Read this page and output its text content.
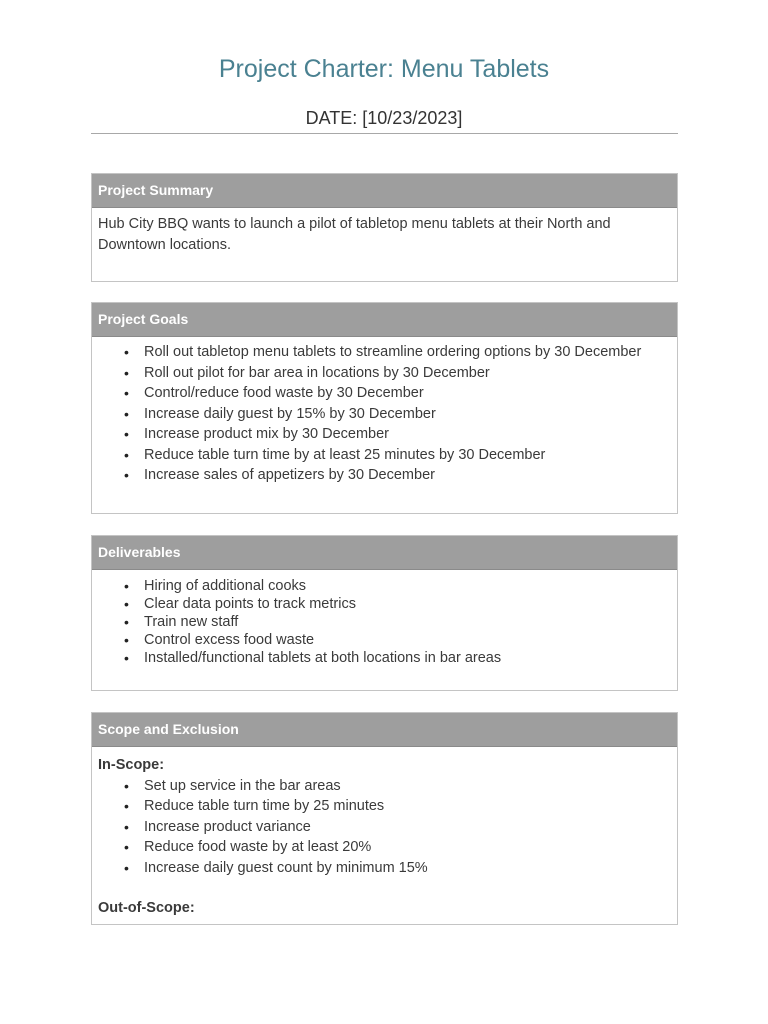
Project Charter: Menu Tablets
DATE: [10/23/2023]
Project Summary

Hub City BBQ wants to launch a pilot of tabletop menu tablets at their North and Downtown locations.

Project Goals
• Roll out tabletop menu tablets to streamline ordering options by 30 December
• Roll out pilot for bar area in locations by 30 December
• Control/reduce food waste by 30 December
• Increase daily guest by 15% by 30 December
• Increase product mix by 30 December
• Reduce table turn time by at least 25 minutes by 30 December
• Increase sales of appetizers by 30 December
Deliverables
• Hiring of additional cooks
• Clear data points to track metrics
• Train new staff
• Control excess food waste
• Installed/functional tablets at both locations in bar areas
Scope and Exclusion

In-Scope:

• Set up service in the bar areas
• Reduce table turn time by 25 minutes
• Increase product variance
• Reduce food waste by at least 20%
• Increase daily guest count by minimum 15%

Out-of-Scope:
